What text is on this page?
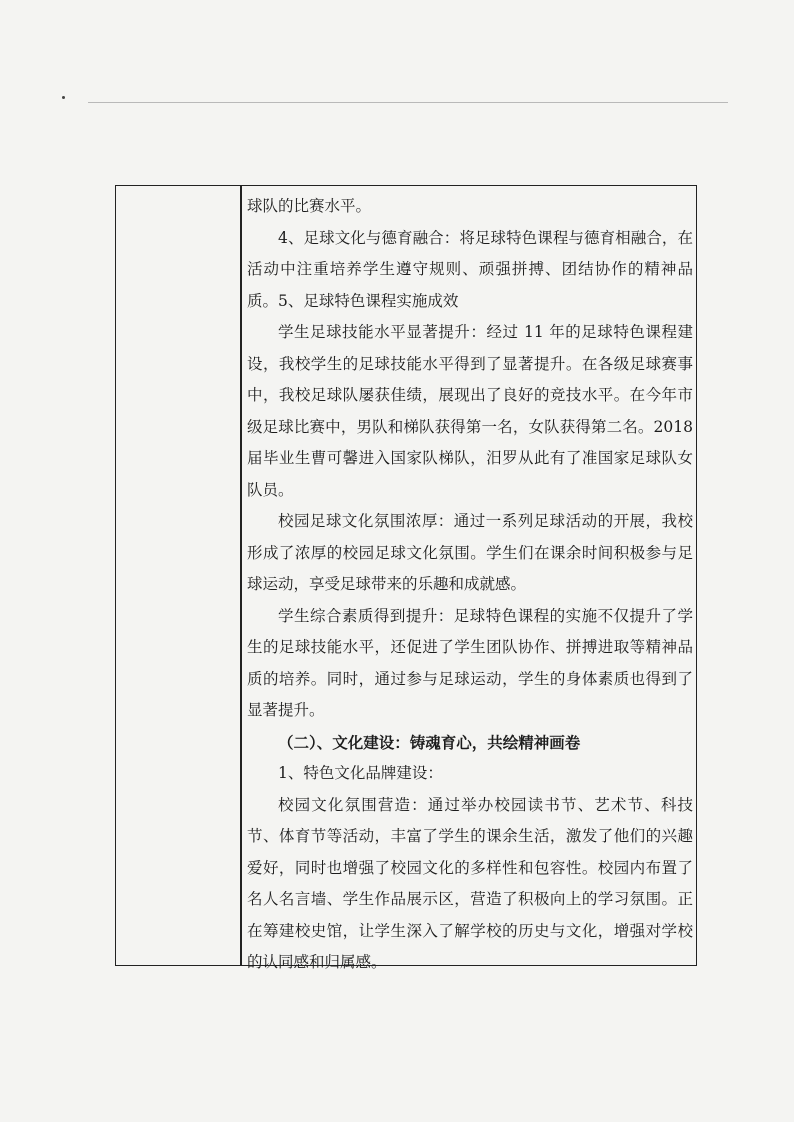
球队的比赛水平。

4、足球文化与德育融合：将足球特色课程与德育相融合，在活动中注重培养学生遵守规则、顽强拼搏、团结协作的精神品质。5、足球特色课程实施成效

学生足球技能水平显著提升：经过 11 年的足球特色课程建设，我校学生的足球技能水平得到了显著提升。在各级足球赛事中，我校足球队屡获佳绩，展现出了良好的竞技水平。在今年市级足球比赛中，男队和梯队获得第一名，女队获得第二名。2018 届毕业生曹可馨进入国家队梯队，汨罗从此有了准国家足球队女队员。

校园足球文化氛围浓厚：通过一系列足球活动的开展，我校形成了浓厚的校园足球文化氛围。学生们在课余时间积极参与足球运动，享受足球带来的乐趣和成就感。

学生综合素质得到提升：足球特色课程的实施不仅提升了学生的足球技能水平，还促进了学生团队协作、拼搏进取等精神品质的培养。同时，通过参与足球运动，学生的身体素质也得到了显著提升。

（二）、文化建设：铸魂育心，共绘精神画卷

1、特色文化品牌建设：

校园文化氛围营造：通过举办校园读书节、艺术节、科技节、体育节等活动，丰富了学生的课余生活，激发了他们的兴趣爱好，同时也增强了校园文化的多样性和包容性。校园内布置了名人名言墙、学生作品展示区，营造了积极向上的学习氛围。正在筹建校史馆，让学生深入了解学校的历史与文化，增强对学校的认同感和归属感。
